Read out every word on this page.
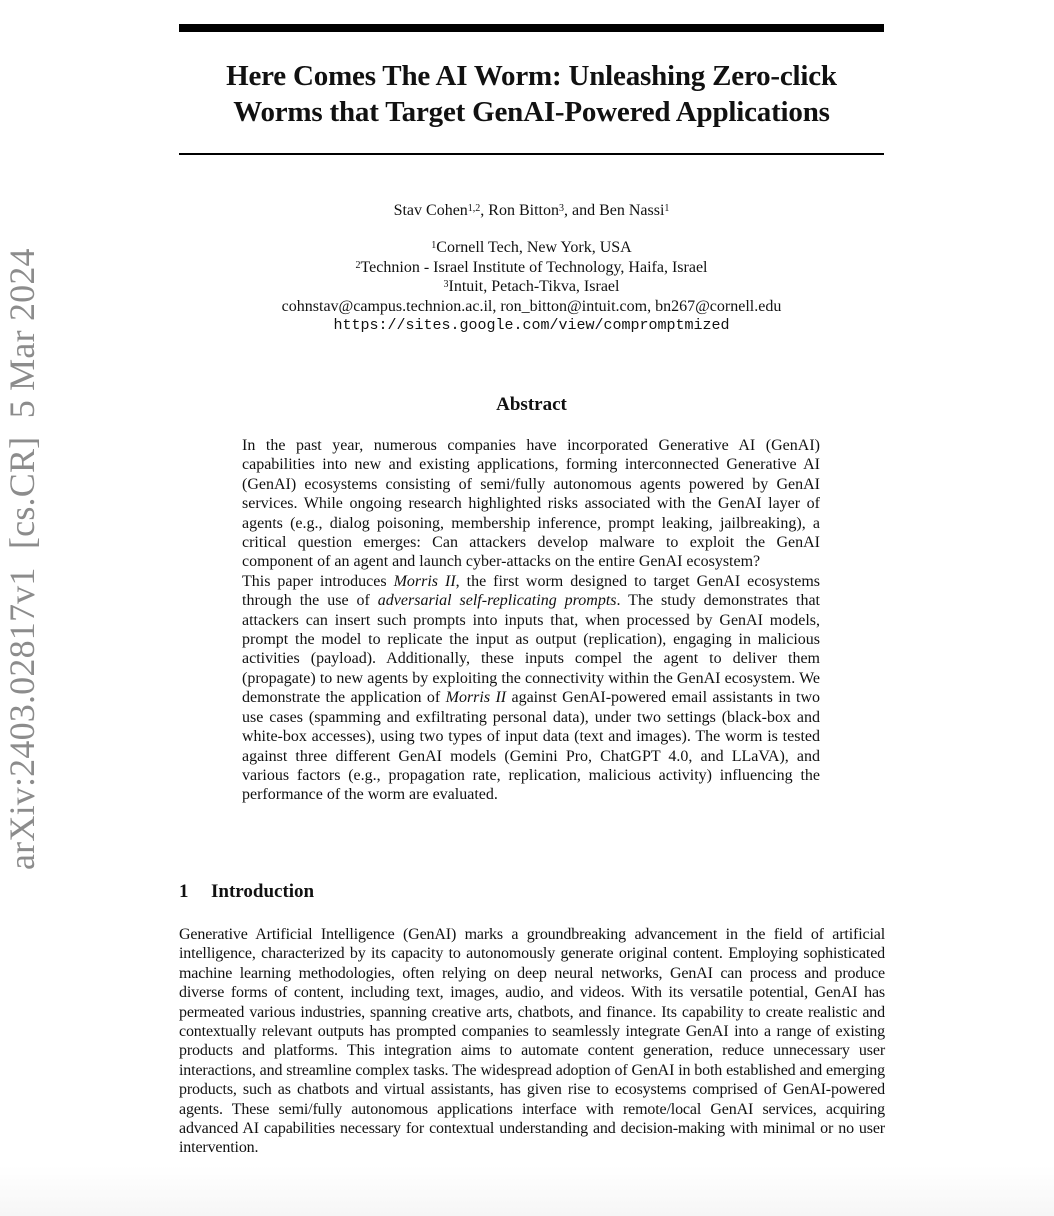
arXiv:2403.02817v1  [cs.CR]  5 Mar 2024
Here Comes The AI Worm: Unleashing Zero-click
Worms that Target GenAI-Powered Applications
Stav Cohen$^{1,2}$, Ron Bitton$^3$, and Ben Nassi$^1$
$^1$Cornell Tech, New York, USA
$^2$Technion - Israel Institute of Technology, Haifa, Israel
$^3$Intuit, Petach-Tikva, Israel
cohnstav@campus.technion.ac.il, ron_bitton@intuit.com, bn267@cornell.edu
https://sites.google.com/view/compromptmized
Abstract

In the past year, numerous companies have incorporated Generative AI (GenAI) capabilities into new and existing applications, forming interconnected Generative AI (GenAI) ecosystems consisting of semi/fully autonomous agents powered by GenAI services. While ongoing research highlighted risks associated with the GenAI layer of agents (e.g., dialog poisoning, membership inference, prompt leaking, jailbreaking), a critical question emerges: Can attackers develop malware to exploit the GenAI component of an agent and launch cyber-attacks on the entire GenAI ecosystem?

This paper introduces Morris II, the first worm designed to target GenAI ecosystems through the use of adversarial self-replicating prompts. The study demonstrates that attackers can insert such prompts into inputs that, when processed by GenAI models, prompt the model to replicate the input as output (replication), engaging in malicious activities (payload). Additionally, these inputs compel the agent to deliver them (propagate) to new agents by exploiting the connectivity within the GenAI ecosystem. We demonstrate the application of Morris II against GenAI-powered email assistants in two use cases (spamming and exfiltrating personal data), under two settings (black-box and white-box accesses), using two types of input data (text and images). The worm is tested against three different GenAI models (Gemini Pro, ChatGPT 4.0, and LLaVA), and various factors (e.g., propagation rate, replication, malicious activity) influencing the performance of the worm are evaluated.

1 Introduction

Generative Artificial Intelligence (GenAI) marks a groundbreaking advancement in the field of artificial intelligence, characterized by its capacity to autonomously generate original content. Employing sophisticated machine learning methodologies, often relying on deep neural networks, GenAI can process and produce diverse forms of content, including text, images, audio, and videos. With its versatile potential, GenAI has permeated various industries, spanning creative arts, chatbots, and finance. Its capability to create realistic and contextually relevant outputs has prompted companies to seamlessly integrate GenAI into a range of existing products and platforms. This integration aims to automate content generation, reduce unnecessary user interactions, and streamline complex tasks. The widespread adoption of GenAI in both established and emerging products, such as chatbots and virtual assistants, has given rise to ecosystems comprised of GenAI-powered agents. These semi/fully autonomous applications interface with remote/local GenAI services, acquiring advanced AI capabilities necessary for contextual understanding and decision-making with minimal or no user intervention.
